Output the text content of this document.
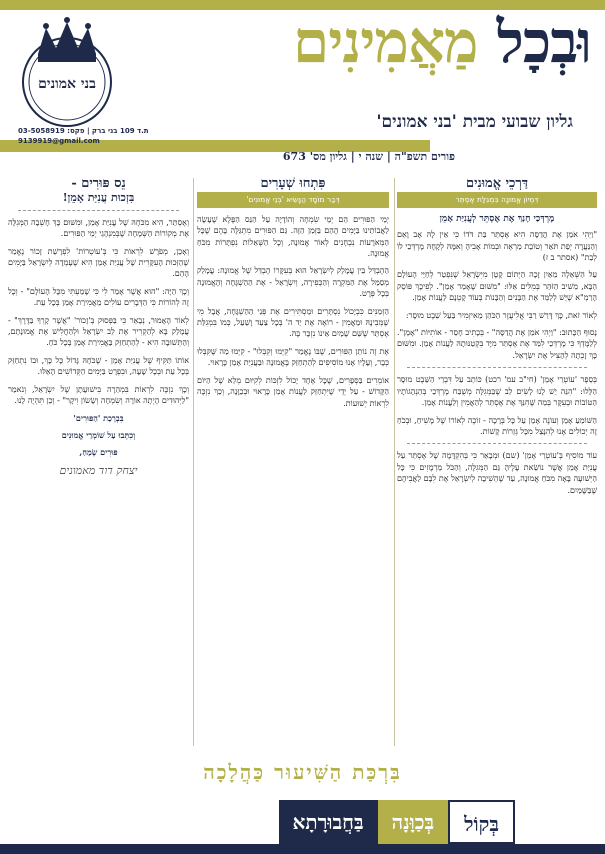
וּבְכָל מַאֲמִינִים
גליון שבועי מבית 'בני אמונים'
פורים תשפ"ה | שנה י | גליון מס' 673
בני אמונים
ת.ד 109 בני ברק | פקס: 03-5058919
9139919@gmail.com
דַּרְכֵי אֱמוּנִים
דִּמְיוֹן אֱמוּנָה בִּמְגִלַּת אֶסְתֵּר
מָרְדְּכַי חָנַךְ אֶת אֶסְתֵּר לְעֲנִיַּת אָמֵן

"וַיְהִי אֹמֵן אֶת הֲדַסָּה הִיא אֶסְתֵּר בַּת דֹּדוֹ כִּי אֵין לָהּ אָב וָאֵם וְהַנַּעֲרָה יְפַת תֹּאַר וְטוֹבַת מַרְאֶה וּבְמוֹת אָבִיהָ וְאִמָּהּ לְקָחָהּ מָרְדְּכַי לוֹ לְבַת" (אסתר ב ז)

עַל הַשְּׁאֵלָה מֵאַיִן זָכָה הַיְּתוֹם קָטָן מִיִּשְׂרָאֵל שֶׁנִּפְטַר לְחַיֵּי הָעוֹלָם הַבָּא, מֵשִׁיב הַזֹּהַר בְּמִלִּים אֵלּוּ: "מִשּׁוּם שֶׁאָמַר אָמֵן". לְפִיכָךְ פּוֹסֵק הָרַמְ"א שֶׁיֵּשׁ לְלַמֵּד אֶת הַבָּנִים וְהַבָּנוֹת בְּעוֹד קָטְנָם לַעֲנוֹת אָמֵן.

לְאוֹר זֹאת, כָּךְ דָּרַשׁ רַבִּי אֱלִיעֶזֶר הַכֹּהֵן מֵאִיזְמִיר בַּעַל שֵׁבֶט מוּסָר:

נָסוּף הַכָּתוּב: "וַיְהִי אֹמֵן אֶת הֲדַסָּה" - בְּכָתִיב חָסֵר - אוֹתִיּוֹת "אָמֵן". לְלַמֶּדְךָ כִּי מָרְדְּכַי לִמֵּד אֶת אֶסְתֵּר מִיָּד בִּקְטַנּוּתָהּ לַעֲנוֹת אָמֵן. וּמִשּׁוּם כָּךְ זָכְתָה לְהַצִּיל אֶת יִשְׂרָאֵל.

בְּסֵפֶר 'עוֹטְרֵי אָמֵן' (חי"ב עמ' רכט) כּוֹתֵב עַל דִּבְרֵי הַשֵּׁבֶט מוּסָר הַלָּלוּ: "הִנֵּה יֵשׁ לָנוּ לָשִׂים לֵב שֶׁבַּמְּגִלָּה מְשֻׁבַּח מָרְדְּכַי בְּהַנְהָגוֹתָיו הַטּוֹבוֹת וּבְעִקָּר בְּמַה שֶּׁחִנֵּךְ אֶת אֶסְתֵּר לְהַאֲמִין וְלַעֲנוֹת אָמֵן.

הַשּׁוֹמֵעַ אָמֵן וְעוֹנֶה אָמֵן עַל כָּל בְּרָכָה - זוֹכֶה לְאוֹרוֹ שֶׁל מָשִׁיחַ, וּבְכֹחַ זֶה יְכוֹלִים אָנוּ לְהִנָּצֵל מִכָּל גְּזֵרוֹת קָשׁוֹת.

עוֹד מוֹסִיף בְּ'עוֹטְרֵי אָמֵן' (שם) וּמְבָאֵר כִּי בְּהִקְדָּמָה שֶׁל אֶסְתֵּר עַל עֲנִיַּת אָמֵן אֲשֶׁר נוֹשֵׂאת עָלֶיהָ גַּם הַמְּגִלָּה, וְהַכֹּל מֵרְמָזִים כִּי כָּל הַיְּשׁוּעָה בָּאָה מִכֹּחַ אֱמוּנָה, עַד שֶׁהֵשִׁיבָה לְיִשְׂרָאֵל אֶת לִבָּם לַאֲבִיהֶם שֶׁבַּשָּׁמַיִם.

פִּתְחוּ שְׁעָרִים
דְּבַר מוֹסָד הַנָּשִׂיא 'בְּנֵי אֱמוּנִים'

יְמֵי הַפּוּרִים הֵם יְמֵי שִׂמְחָה וְהוֹדָיָה עַל הַנֵּס הַפֶּלֶא שֶׁעָשָׂה לַאֲבוֹתֵינוּ בַּיָּמִים הָהֵם בַּזְּמַן הַזֶּה. גַּם הַפּוּרִים מִתְגַּלֶּה בָּהֶם שֶׁכָּל הַמְּאֹרָעוֹת נִבְחָנִים לְאוֹר אֱמוּנָה, וְכָל הַשְּׁאֵלוֹת נִפְתָּרוֹת מִכֹּחַ אֱמוּנָה.

הַהֶבְדֵּל בֵּין עֲמָלֵק לְיִשְׂרָאֵל הוּא בְּעִקָּרוֹ הֶבְדֵּל שֶׁל אֱמוּנָה: עֲמָלֵק מְסַמֵּל אֶת הַמִּקְרֶה וְהַכְּפִירָה, וְיִשְׂרָאֵל - אֶת הַהַשְׁגָּחָה וְהָאֱמוּנָה בְּכָל פְּרָט.

הַזְּמַנִּים כִּבְיָכוֹל נִסְתָּרִים וּמַסְתִּירִים אֶת פְּנֵי הַהַשְׁגָּחָה, אֲבָל מִי שֶׁמְּבִינָהּ וּמַאֲמִין - רוֹאֶה אֶת יַד ה' בְּכָל צַעַד וָשַׁעַל, כְּמוֹ בִּמְגִלַּת אֶסְתֵּר שֶׁשֵּׁם שָׁמַיִם אֵינוֹ נִזְכָּר בָּהּ.

אֶת זֶה נוֹתֵן הַפּוּרִים, שֶׁבּוֹ נֶאֱמַר "קִיְּמוּ וְקִבְּלוּ" - קִיְּמוּ מַה שֶּׁקִּבְּלוּ כְּבָר, וְעָלָיו אָנוּ מוֹסִיפִים לְהַתְחַזֵּק בֶּאֱמוּנָה וּבַעֲנִיַּת אָמֵן כָּרָאוּי.

אוֹמְרִים בַּסְּפָרִים, שֶׁכָּל אֶחָד יָכוֹל לִזְכּוֹת לְקִיּוּם מְלֵא שֶׁל הַיּוֹם הַקָּדוֹשׁ - עַל יְדֵי שֶׁיִּתְחַזֵּק לַעֲנוֹת אָמֵן כָּרָאוּי וּבְכַוָּנָה, וְכַךְ נִזְכֶּה לִרְאוֹת יְשׁוּעוֹת.

נֵס פּוּרִים -
בִּזְכוּת עֲנִיַּת אָמֵן!

וְאֶסְתֵּר, הִיא מִכֹּחָהּ שֶׁל עֲנִיַּת אָמֵן, וּמִשּׁוּם כָּךְ חָשְׁבָה הַמְּגִלָּה אֶת מְקוֹרוֹת הַשְּׁמָחָה שֶׁבְּמִנְהָגֵי יְמֵי הַפּוּרִים.

וְאָכֵן, מְפֹרָשׁ לִרְאוֹת כִּי בְּ'עוֹטְרוֹת' לִפְרָשַׁת זָכוֹר נֶאֱמַר שֶׁהַזְּכוּת הָעִקָּרִית שֶׁל עֲנִיַּת אָמֵן הִיא שֶׁעָמְדָה לְיִשְׂרָאֵל בַּיָּמִים הָהֵם.

וְכָךְ הַיָּה: "הוּא אֲשֶׁר אָמַר לִי כִּי שָׁמַעְתִּי מִכָּל הָעוֹלָם" - וְכָל זֶה לְהוֹרוֹת כִּי הַדְּבָרִים עוֹלִים מֵאֲמִירַת אָמֵן בְּכָל עֵת.

לְאוֹר הָאָמוּר, נְבָאֵר כִּי בַּפְּסוּק בְּ'זָכוֹר' "אֲשֶׁר קָרְךָ בַּדֶּרֶךְ" - עֲמָלֵק בָּא לְהַקְרִיר אֶת לֵב יִשְׂרָאֵל וּלְהַחֲלִישׁ אֶת אֱמוּנָתָם, וְהַתְּשׁוּבָה הִיא - לְהַתְחַזֵּק בַּאֲמִירַת אָמֵן בְּכָל כֹּחַ.

אוֹתוֹ תַּקִּיף שֶׁל עֲנִיַּת אָמֵן - שֶׁכֹּחָהּ גָּדוֹל כָּל כָּךְ, וּבוֹ נִתְחַזֵּק בְּכָל עֵת וּבְכָל שָׁעָה, וּבִפְרָט בַּיָּמִים הַקְּדוֹשִׁים הָאֵלּוּ.

וְכָךְ נִזְכֶּה לִרְאוֹת בִּמְהֵרָה בִּישׁוּעָתָן שֶׁל יִשְׂרָאֵל, וְנֹאמַר "לַיְּהוּדִים הָיְתָה אוֹרָה וְשִׂמְחָה וְשָׂשׂוֹן וִיקָר" - וְכֵן תִּהְיֶה לָנוּ.

בִּבְרָכַת 'הַפּוּרִים'
וְכִתְּבוּ עַל שׁוֹמְרֵי אֱמוּנִים
פּוּרִים שָׂמֵחַ,
יצחק דוד מאמונים
בִּרְכַּת הַשִּׁיעוּר כַּהֲלָכָה
בְּקוֹל
בְּכַוָּנָה
בַּחֲבוּרָתָא
